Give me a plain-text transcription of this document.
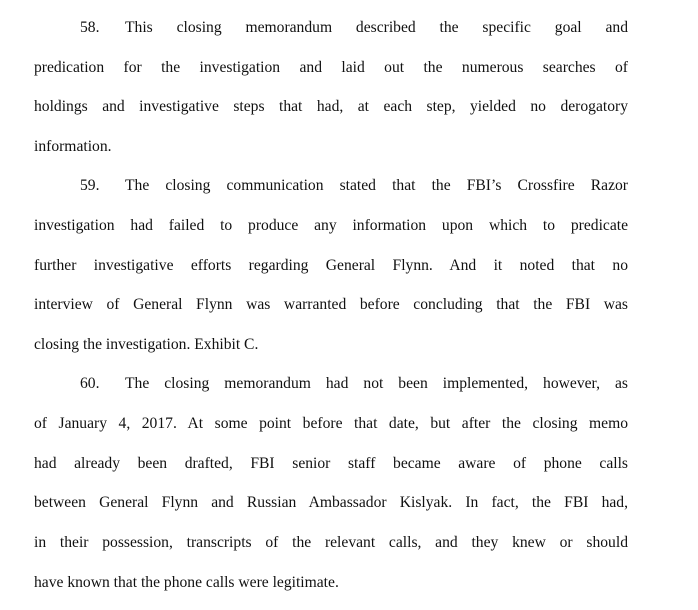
58. This closing memorandum described the specific goal and
predication for the investigation and laid out the numerous searches of
holdings and investigative steps that had, at each step, yielded no derogatory
information.
59. The closing communication stated that the FBI’s Crossfire Razor
investigation had failed to produce any information upon which to predicate
further investigative efforts regarding General Flynn. And it noted that no
interview of General Flynn was warranted before concluding that the FBI was
closing the investigation. Exhibit C.
60. The closing memorandum had not been implemented, however, as
of January 4, 2017. At some point before that date, but after the closing memo
had already been drafted, FBI senior staff became aware of phone calls
between General Flynn and Russian Ambassador Kislyak. In fact, the FBI had,
in their possession, transcripts of the relevant calls, and they knew or should
have known that the phone calls were legitimate.
